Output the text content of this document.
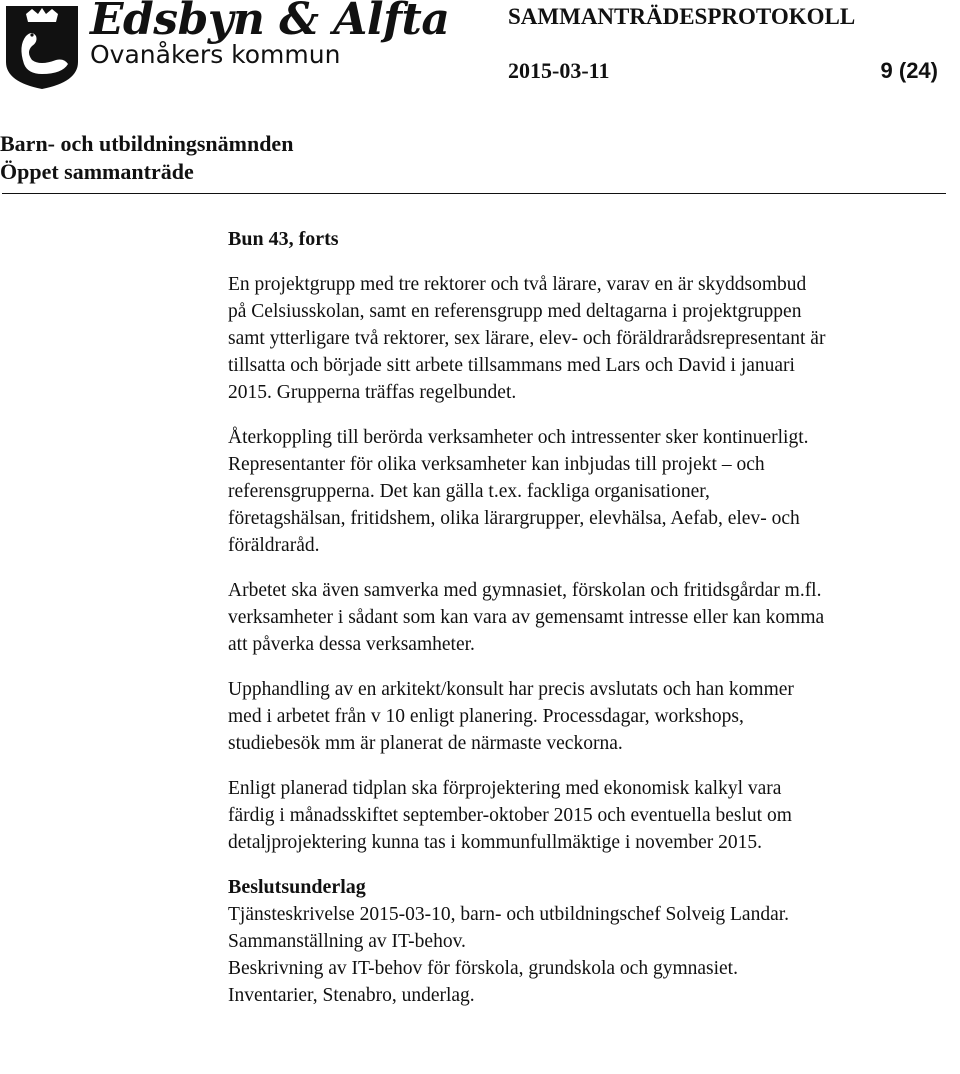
Edsbyn & Alfta
Ovanåkers kommun
SAMMANTRÄDESPROTOKOLL
2015-03-11	9 (24)
Barn- och utbildningsnämnden
Öppet sammanträde
Bun 43, forts
En projektgrupp med tre rektorer och två lärare, varav en är skyddsombud
på Celsiusskolan, samt en referensgrupp med deltagarna i projektgruppen
samt ytterligare två rektorer, sex lärare, elev- och föräldrarådsrepresentant är
tillsatta och började sitt arbete tillsammans med Lars och David i januari
2015. Grupperna träffas regelbundet.
Återkoppling till berörda verksamheter och intressenter sker kontinuerligt.
Representanter för olika verksamheter kan inbjudas till projekt – och
referensgrupperna. Det kan gälla t.ex. fackliga organisationer,
företagshälsan, fritidshem, olika lärargrupper, elevhälsa, Aefab, elev- och
föräldraråd.
Arbetet ska även samverka med gymnasiet, förskolan och fritidsgårdar m.fl.
verksamheter i sådant som kan vara av gemensamt intresse eller kan komma
att påverka dessa verksamheter.
Upphandling av en arkitekt/konsult har precis avslutats och han kommer
med i arbetet från v 10 enligt planering. Processdagar, workshops,
studiebesök mm är planerat de närmaste veckorna.
Enligt planerad tidplan ska förprojektering med ekonomisk kalkyl vara
färdig i månadsskiftet september-oktober 2015 och eventuella beslut om
detaljprojektering kunna tas i kommunfullmäktige i november 2015.
Beslutsunderlag
Tjänsteskrivelse 2015-03-10, barn- och utbildningschef Solveig Landar.
Sammanställning av IT-behov.
Beskrivning av IT-behov för förskola, grundskola och gymnasiet.
Inventarier, Stenabro, underlag.
